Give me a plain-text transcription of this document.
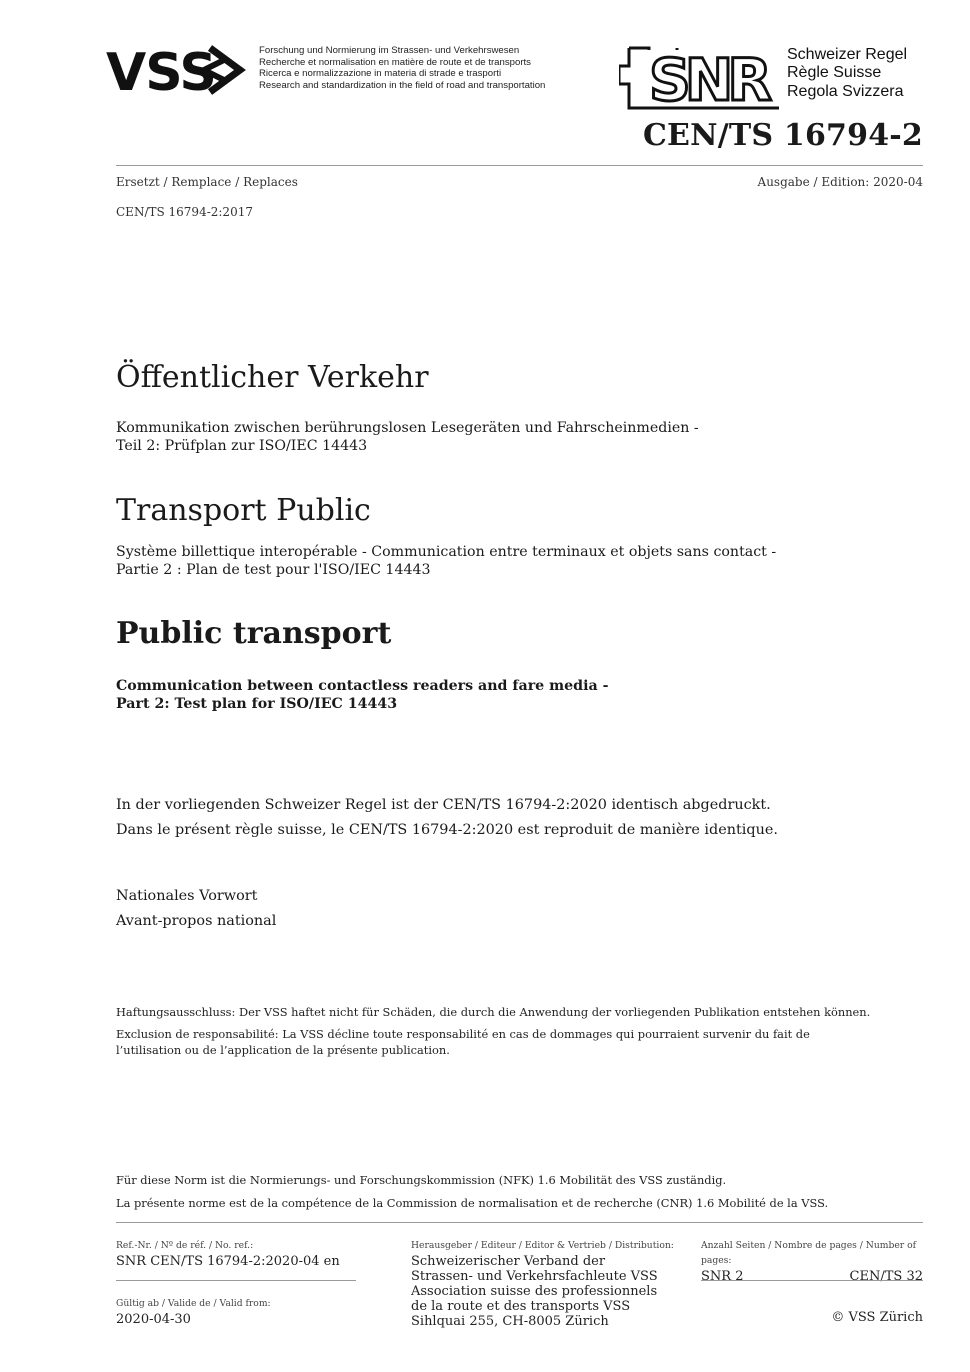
VSS	Forschung und Normierung im Strassen- und Verkehrswesen
Recherche et normalisation en matière de route et de transports
Ricerca e normalizzazione in materia di strade e trasporti
Research and standardization in the field of road and transportation SNR	Schweizer Regel
Règle Suisse
Regola Svizzera
CEN/TS 16794-2
Ersetzt / Remplace / Replaces	Ausgabe / Edition: 2020-04
CEN/TS 16794-2:2017
Öffentlicher Verkehr
Kommunikation zwischen berührungslosen Lesegeräten und Fahrscheinmedien -
Teil 2: Prüfplan zur ISO/IEC 14443
Transport Public
Système billettique interopérable - Communication entre terminaux et objets sans contact -
Partie 2 : Plan de test pour l'ISO/IEC 14443
Public transport
Communication between contactless readers and fare media -
Part 2: Test plan for ISO/IEC 14443
In der vorliegenden Schweizer Regel ist der CEN/TS 16794-2:2020 identisch abgedruckt.
Dans le présent règle suisse, le CEN/TS 16794-2:2020 est reproduit de manière identique.
Nationales Vorwort
Avant-propos national
Haftungsausschluss: Der VSS haftet nicht für Schäden, die durch die Anwendung der vorliegenden Publikation entstehen können.
Exclusion de responsabilité: La VSS décline toute responsabilité en cas de dommages qui pourraient survenir du fait de l’utilisation ou de l’application de la présente publication.
Für diese Norm ist die Normierungs- und Forschungskommission (NFK) 1.6 Mobilität des VSS zuständig.
La présente norme est de la compétence de la Commission de normalisation et de recherche (CNR) 1.6 Mobilité de la VSS.
Ref.-Nr. / Nº de réf. / No. ref.:
SNR CEN/TS 16794-2:2020-04 en
Gültig ab / Valide de / Valid from:
2020-04-30
Herausgeber / Editeur / Editor & Vertrieb / Distribution:
Schweizerischer Verband der
Strassen- und Verkehrsfachleute VSS
Association suisse des professionnels
de la route et des transports VSS
Sihlquai 255, CH-8005 Zürich
Anzahl Seiten / Nombre de pages / Number of pages:
SNR 2	CEN/TS 32
© VSS Zürich
